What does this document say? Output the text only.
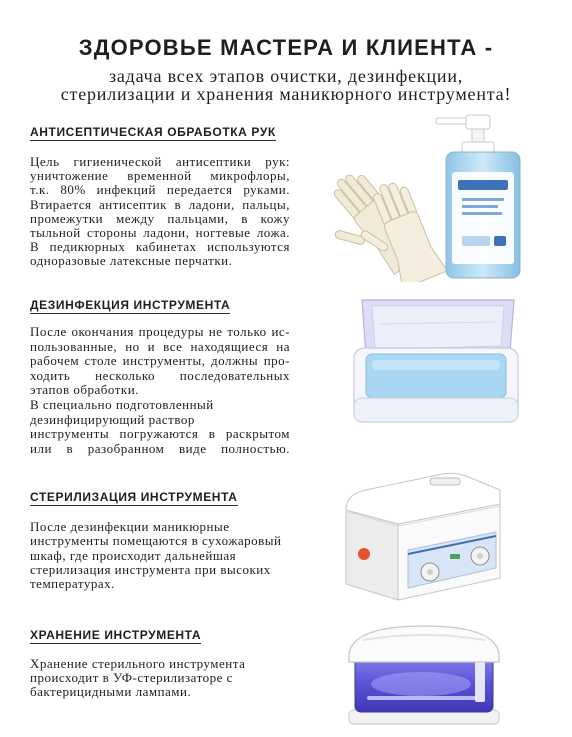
ЗДОРОВЬЕ МАСТЕРА И КЛИЕНТА -
задача всех этапов очистки, дезинфекции,
стерилизации и хранения маникюрного инструмента!
АНТИСЕПТИЧЕСКАЯ ОБРАБОТКА РУК
Цель гигиенической антисептики рук:
уничтожение временной микрофлоры,
т.к. 80% инфекций передается руками.
Втирается антисептик в ладони, пальцы,
промежутки между пальцами, в кожу
тыльной стороны ладони, ногтевые ложа.
В педикюрных кабинетах используются
одноразовые латексные перчатки.
ДЕЗИНФЕКЦИЯ ИНСТРУМЕНТА
После окончания процедуры не только ис-
пользованные, но и все находящиеся на
рабочем столе инструменты, должны про-
ходить несколько последовательных
этапов обработки.
В специально подготовленный
дезинфицирующий раствор
инструменты погружаются в раскрытом
или в разобранном виде полностью.
СТЕРИЛИЗАЦИЯ ИНСТРУМЕНТА
После дезинфекции маникюрные
инструменты помещаются в сухожаровый
шкаф, где происходит дальнейшая
стерилизация инструмента при высоких
температурах.
ХРАНЕНИЕ ИНСТРУМЕНТА
Хранение стерильного инструмента
происходит в УФ-стерилизаторе с
бактерицидными лампами.
